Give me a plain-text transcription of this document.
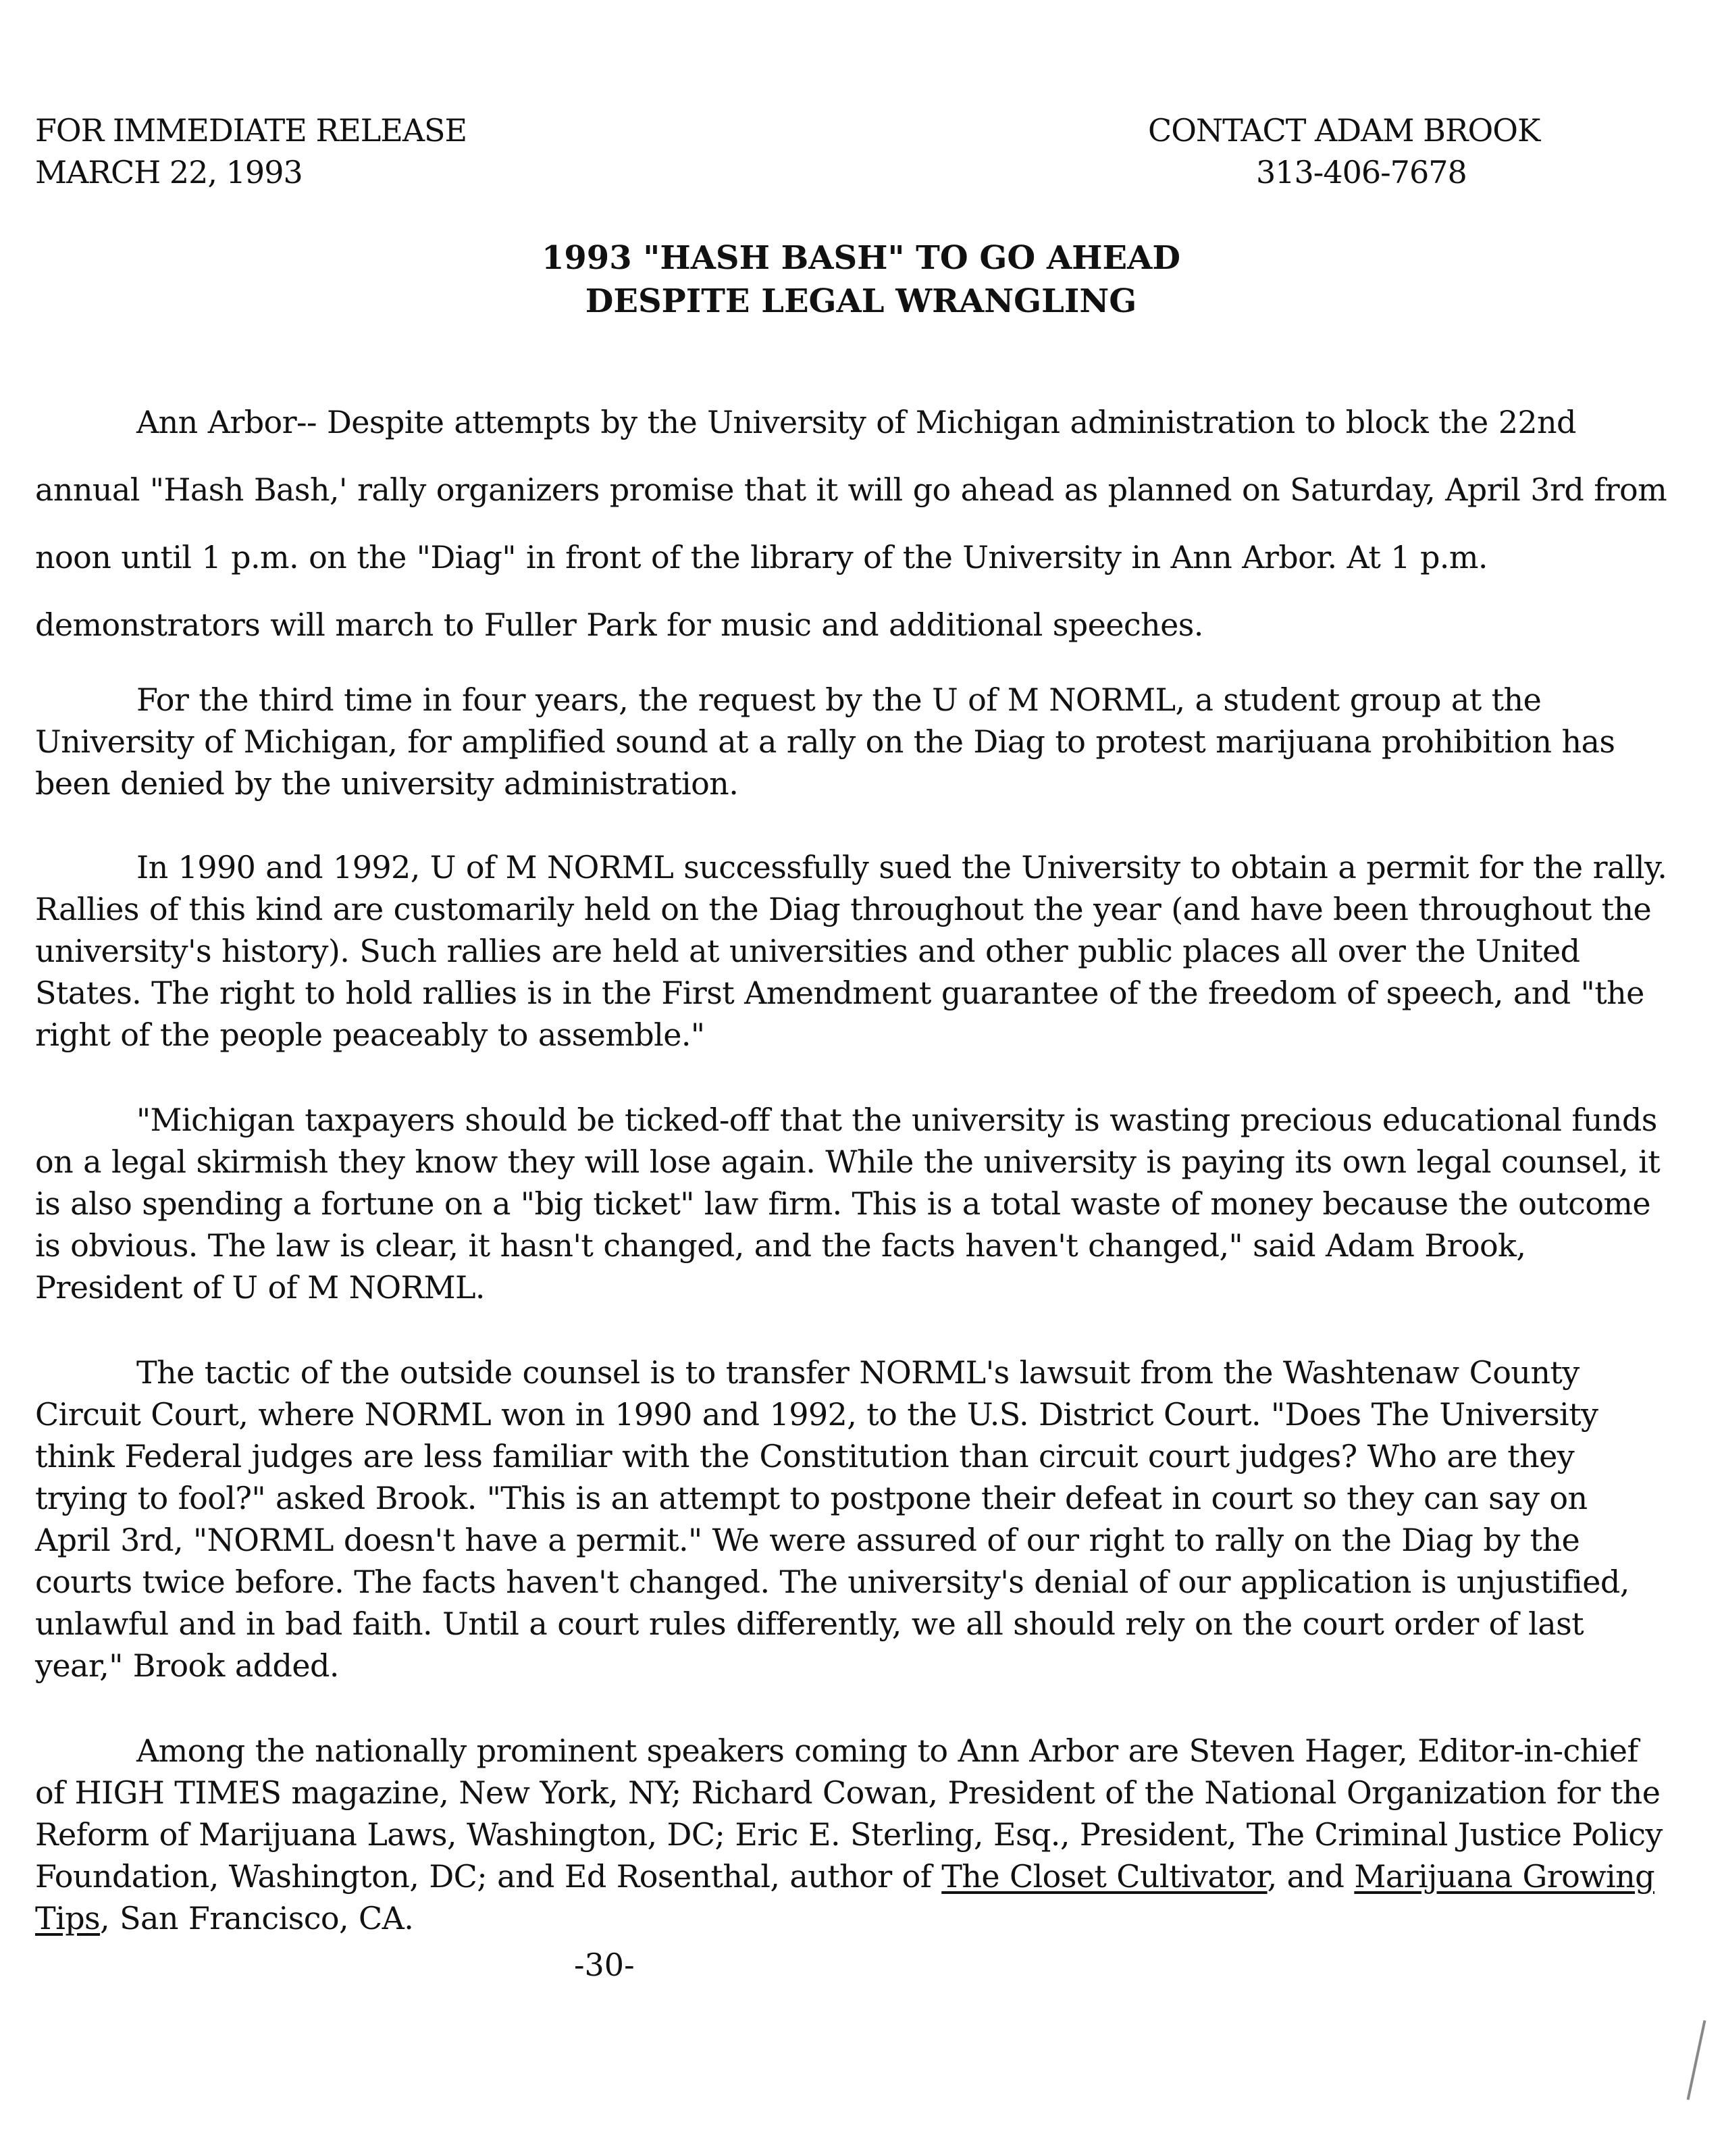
FOR IMMEDIATE RELEASE
MARCH 22, 1993
CONTACT ADAM BROOK
313-406-7678
1993 "HASH BASH" TO GO AHEAD
DESPITE LEGAL WRANGLING

Ann Arbor-- Despite attempts by the University of Michigan administration to block the 22nd annual "Hash Bash,' rally organizers promise that it will go ahead as planned on Saturday, April 3rd from noon until 1 p.m. on the "Diag" in front of the library of the University in Ann Arbor. At 1 p.m. demonstrators will march to Fuller Park for music and additional speeches.

For the third time in four years, the request by the U of M NORML, a student group at the University of Michigan, for amplified sound at a rally on the Diag to protest marijuana prohibition has been denied by the university administration.

In 1990 and 1992, U of M NORML successfully sued the University to obtain a permit for the rally. Rallies of this kind are customarily held on the Diag throughout the year (and have been throughout the university's history). Such rallies are held at universities and other public places all over the United States. The right to hold rallies is in the First Amendment guarantee of the freedom of speech, and "the right of the people peaceably to assemble."

"Michigan taxpayers should be ticked-off that the university is wasting precious educational funds on a legal skirmish they know they will lose again. While the university is paying its own legal counsel, it is also spending a fortune on a "big ticket" law firm. This is a total waste of money because the outcome is obvious. The law is clear, it hasn't changed, and the facts haven't changed," said Adam Brook, President of U of M NORML.

The tactic of the outside counsel is to transfer NORML's lawsuit from the Washtenaw County Circuit Court, where NORML won in 1990 and 1992, to the U.S. District Court. "Does The University think Federal judges are less familiar with the Constitution than circuit court judges? Who are they trying to fool?" asked Brook. "This is an attempt to postpone their defeat in court so they can say on April 3rd, "NORML doesn't have a permit." We were assured of our right to rally on the Diag by the courts twice before. The facts haven't changed. The university's denial of our application is unjustified, unlawful and in bad faith. Until a court rules differently, we all should rely on the court order of last year," Brook added.

Among the nationally prominent speakers coming to Ann Arbor are Steven Hager, Editor-in-chief of HIGH TIMES magazine, New York, NY; Richard Cowan, President of the National Organization for the Reform of Marijuana Laws, Washington, DC; Eric E. Sterling, Esq., President, The Criminal Justice Policy Foundation, Washington, DC; and Ed Rosenthal, author of The Closet Cultivator, and Marijuana Growing Tips, San Francisco, CA.

-30-
